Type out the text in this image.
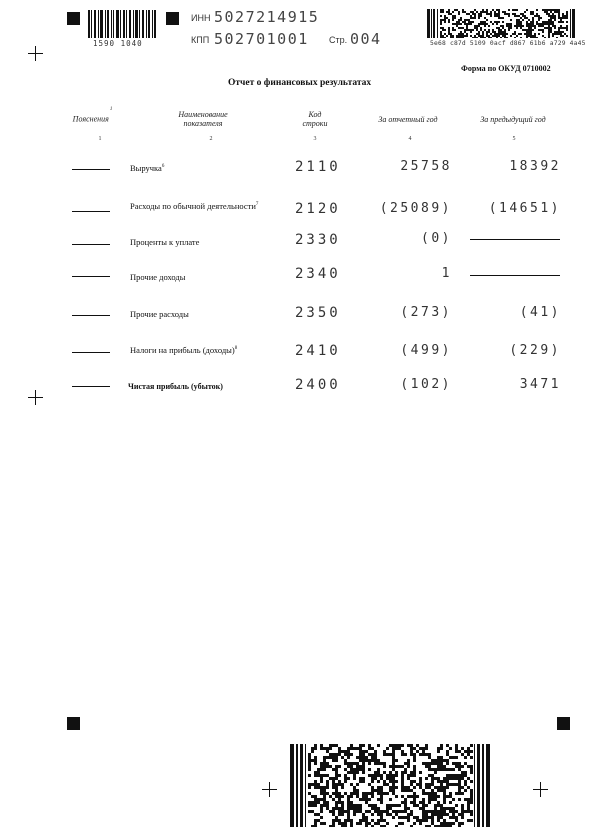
1590 1040
ИНН 5027214915
КПП 502701001 Стр. 004	5e68 c87d 5109 0acf d867 61b6 a729 4a45
Форма по ОКУД 0710002
Отчет о финансовых результатах
Пояснения$^1$
Наименование показателя
Код строки	За отчетный год	За предыдущий год
1	2	3	4	5
Выручка$^6$	2110	25758	18392
Расходы по обычной деятельности$^7$	2120	(25089)	(14651)
Проценты к уплате	2330	(0)
Прочие доходы	2340	1
Прочие расходы	2350	(273)	(41)
Налоги на прибыль (доходы)$^8$	2410	(499)	(229)
Чистая прибыль (убыток)	2400	(102)	3471
